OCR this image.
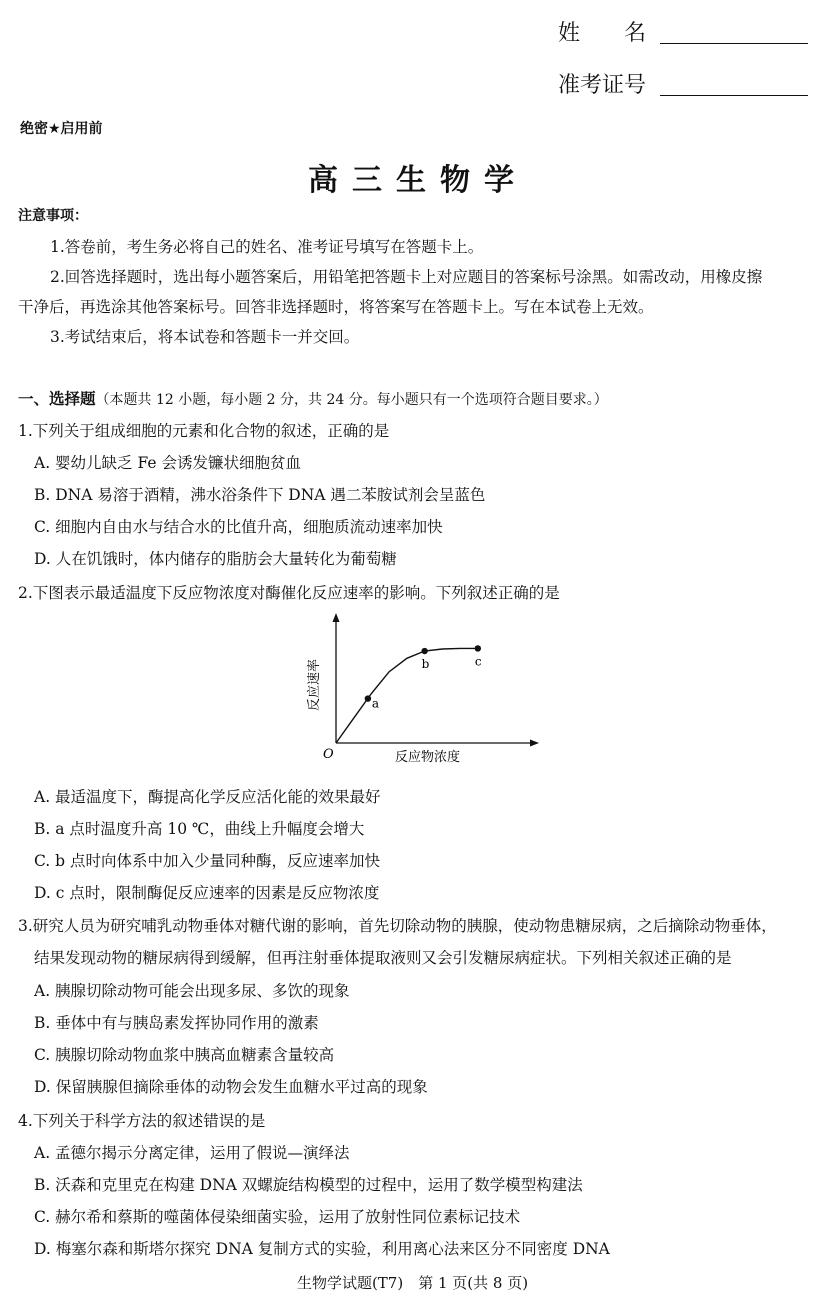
姓　　名
准考证号
绝密★启用前
高三生物学
注意事项：
1.答卷前，考生务必将自己的姓名、准考证号填写在答题卡上。
2.回答选择题时，选出每小题答案后，用铅笔把答题卡上对应题目的答案标号涂黑。如需改动，用橡皮擦
干净后，再选涂其他答案标号。回答非选择题时，将答案写在答题卡上。写在本试卷上无效。
3.考试结束后，将本试卷和答题卡一并交回。
一、选择题（本题共 12 小题，每小题 2 分，共 24 分。每小题只有一个选项符合题目要求。）
1.下列关于组成细胞的元素和化合物的叙述，正确的是
A. 婴幼儿缺乏 Fe 会诱发镰状细胞贫血
B. DNA 易溶于酒精，沸水浴条件下 DNA 遇二苯胺试剂会呈蓝色
C. 细胞内自由水与结合水的比值升高，细胞质流动速率加快
D. 人在饥饿时，体内储存的脂肪会大量转化为葡萄糖
2.下图表示最适温度下反应物浓度对酶催化反应速率的影响。下列叙述正确的是
O	反应物浓度
反应速率	a
b	c
A. 最适温度下，酶提高化学反应活化能的效果最好
B. a 点时温度升高 10 ℃，曲线上升幅度会增大
C. b 点时向体系中加入少量同种酶，反应速率加快
D. c 点时，限制酶促反应速率的因素是反应物浓度
3.研究人员为研究哺乳动物垂体对糖代谢的影响，首先切除动物的胰腺，使动物患糖尿病，之后摘除动物垂体，
结果发现动物的糖尿病得到缓解，但再注射垂体提取液则又会引发糖尿病症状。下列相关叙述正确的是
A. 胰腺切除动物可能会出现多尿、多饮的现象
B. 垂体中有与胰岛素发挥协同作用的激素
C. 胰腺切除动物血浆中胰高血糖素含量较高
D. 保留胰腺但摘除垂体的动物会发生血糖水平过高的现象
4.下列关于科学方法的叙述错误的是
A. 孟德尔揭示分离定律，运用了假说—演绎法
B. 沃森和克里克在构建 DNA 双螺旋结构模型的过程中，运用了数学模型构建法
C. 赫尔希和蔡斯的噬菌体侵染细菌实验，运用了放射性同位素标记技术
D. 梅塞尔森和斯塔尔探究 DNA 复制方式的实验，利用离心法来区分不同密度 DNA
生物学试题(T7)　第 1 页(共 8 页)
